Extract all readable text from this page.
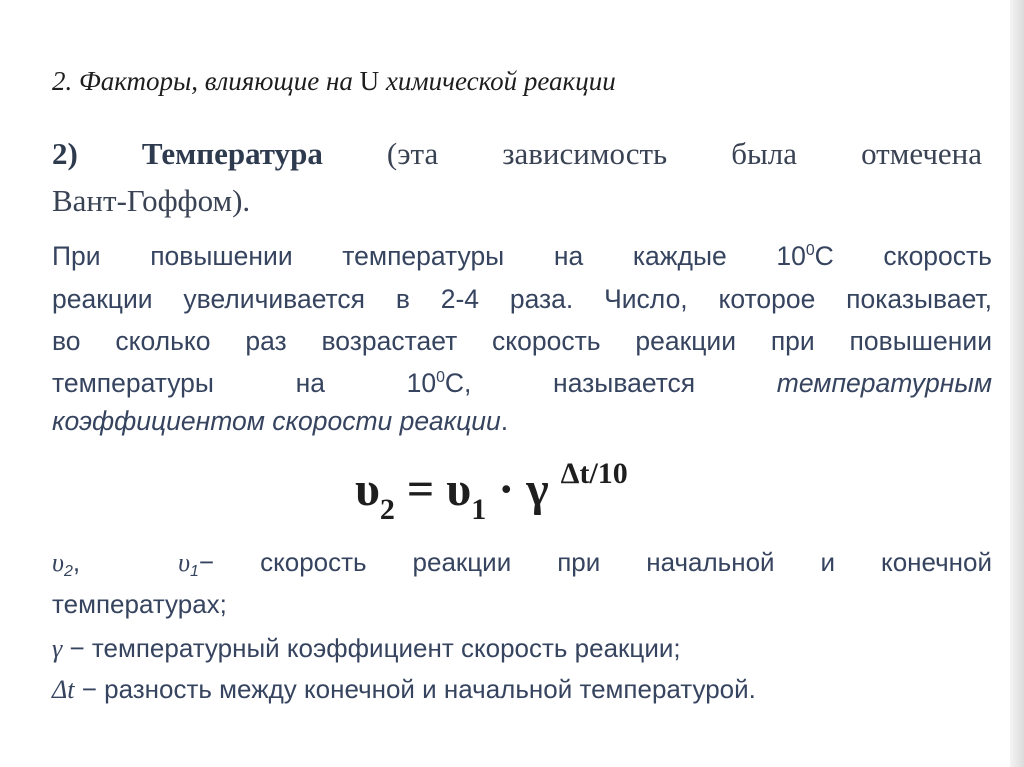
2. Факторы, влияющие на U химической реакции
2) Температура (эта зависимость была отмечена
Вант-Гоффом).
При повышении температуры на каждые $10^0С$ скорость
реакции увеличивается в 2-4 раза. Число, которое показывает,
во сколько раз возрастает скорость реакции при повышении
температуры на $10^0С$, называется температурным
коэффициентом скорости реакции.
$\upsilon_2 = \upsilon_1 \cdot \gamma$ $^{\Delta t/10}$
υ2,	υ1− скорость реакции при начальной и конечной
температурах;
γ − температурный коэффициент скорость реакции;
Δt − разность между конечной и начальной температурой.
